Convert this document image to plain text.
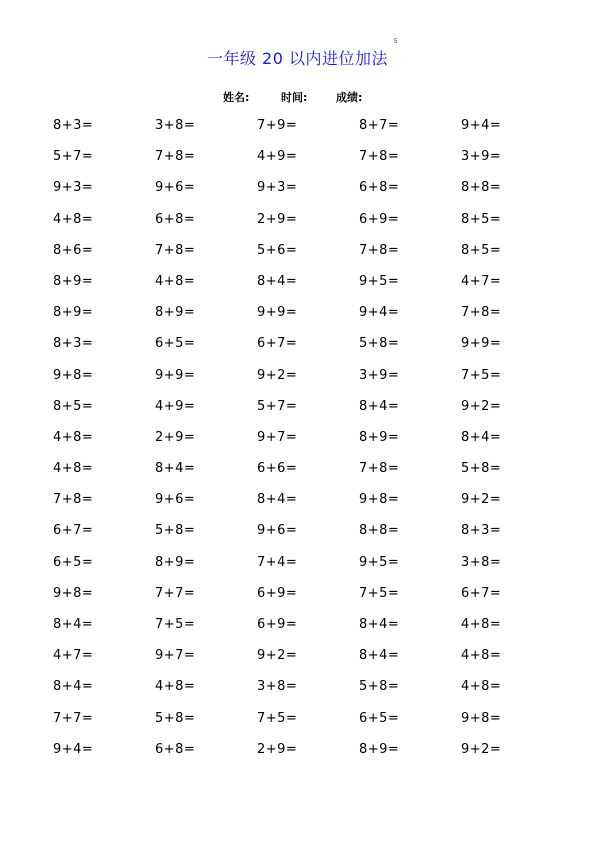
一年级 20 以内进位加法
5
姓名:	时间:	成绩:
8+3=	3+8=	7+9=	8+7=	9+4=
5+7=	7+8=	4+9=	7+8=	3+9=
9+3=	9+6=	9+3=	6+8=	8+8=
4+8=	6+8=	2+9=	6+9=	8+5=
8+6=	7+8=	5+6=	7+8=	8+5=
8+9=	4+8=	8+4=	9+5=	4+7=
8+9=	8+9=	9+9=	9+4=	7+8=
8+3=	6+5=	6+7=	5+8=	9+9=
9+8=	9+9=	9+2=	3+9=	7+5=
8+5=	4+9=	5+7=	8+4=	9+2=
4+8=	2+9=	9+7=	8+9=	8+4=
4+8=	8+4=	6+6=	7+8=	5+8=
7+8=	9+6=	8+4=	9+8=	9+2=
6+7=	5+8=	9+6=	8+8=	8+3=
6+5=	8+9=	7+4=	9+5=	3+8=
9+8=	7+7=	6+9=	7+5=	6+7=
8+4=	7+5=	6+9=	8+4=	4+8=
4+7=	9+7=	9+2=	8+4=	4+8=
8+4=	4+8=	3+8=	5+8=	4+8=
7+7=	5+8=	7+5=	6+5=	9+8=
9+4=	6+8=	2+9=	8+9=	9+2=
